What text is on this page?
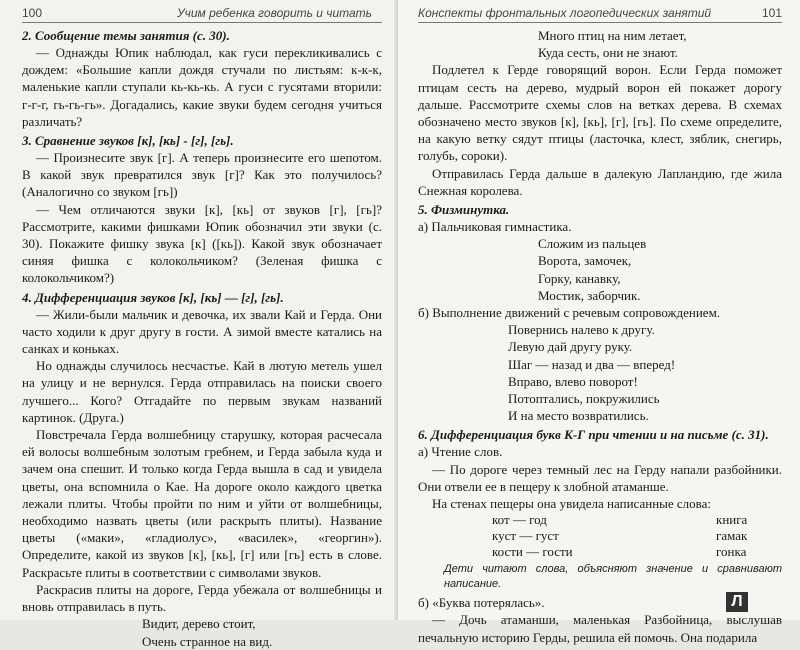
100	Учим ребенка говорить и читать
2. Сообщение темы занятия (с. 30).

— Однажды Юпик наблюдал, как гуси перекликивались с дождем: «Большие капли дождя стучали по листьям: к-к-к, маленькие капли ступали кь-кь-кь. А гуси с гусятами вторили: г-г-г, гь-гь-гь». Догадались, какие звуки будем сегодня учиться различать?

3. Сравнение звуков [к], [кь] - [г], [гь].

— Произнесите звук [г]. А теперь произнесите его шепотом. В какой звук превратился звук [г]? Как это получилось? (Аналогично со звуком [гь])

— Чем отличаются звуки [к], [кь] от звуков [г], [гь]? Рассмотрите, какими фишками Юпик обозначил эти звуки (с. 30). Покажите фишку звука [к] ([кь]). Какой звук обозначает синяя фишка с колокольчиком? (Зеленая фишка с колокольчиком?)

4. Дифференциация звуков [к], [кь] — [г], [гь].

— Жили-были мальчик и девочка, их звали Кай и Герда. Они часто ходили к друг другу в гости. А зимой вместе катались на санках и коньках.

Но однажды случилось несчастье. Кай в лютую метель ушел на улицу и не вернулся. Герда отправилась на поиски своего лучшего... Кого? Отгадайте по первым звукам названий картинок. (Друга.)

Повстречала Герда волшебницу старушку, которая расчесала ей волосы волшебным золотым гребнем, и Герда забыла куда и зачем она спешит. И только когда Герда вышла в сад и увидела цветы, она вспомнила о Кае. На дороге около каждого цветка лежали плиты. Чтобы пройти по ним и уйти от волшебницы, необходимо назвать цветы (или раскрыть плиты). Название цветы («маки», «гладиолус», «василек», «георгин»). Определите, какой из звуков [к], [кь], [г] или [гь] есть в слове. Раскрасьте плиты в соответствии с символами звуков.

Раскрасив плиты на дороге, Герда убежала от волшебницы и вновь отправилась в путь.

Видит, дерево стоит,

Очень странное на вид.

Конспекты фронтальных логопедических занятий	101

Много птиц на ним летает,

Куда сесть, они не знают.

Подлетел к Герде говорящий ворон. Если Герда поможет птицам сесть на дерево, мудрый ворон ей покажет дорогу дальше. Рассмотрите схемы слов на ветках дерева. В схемах обозначено место звуков [к], [кь], [г], [гь]. По схеме определите, на какую ветку сядут птицы (ласточка, клест, зяблик, снегирь, голубь, сороки).

Отправилась Герда дальше в далекую Лапландию, где жила Снежная королева.

5. Физминутка.

а) Пальчиковая гимнастика.

Сложим из пальцев

Ворота, замочек,

Горку, канавку,

Мостик, заборчик.

б) Выполнение движений с речевым сопровождением.

Повернись налево к другу.

Левую дай другу руку.

Шаг — назад и два — вперед!

Вправо, влево поворот!

Потоптались, покружились

И на место возвратились.

6. Дифференциация букв К-Г при чтении и на письме (с. 31).

а) Чтение слов.

— По дороге через темный лес на Герду напали разбойники. Они отвели ее в пещеру к злобной атаманше.

На стенах пещеры она увидела написанные слова:

кот — год	книга
куст — густ	гамак
кости — гости	гонка

Дети читают слова, объясняют значение и сравнивают написание.

б) «Буква потерялась».

— Дочь атаманши, маленькая Разбойница, выслушав печальную историю Герды, решила ей помочь. Она подарила

Л
